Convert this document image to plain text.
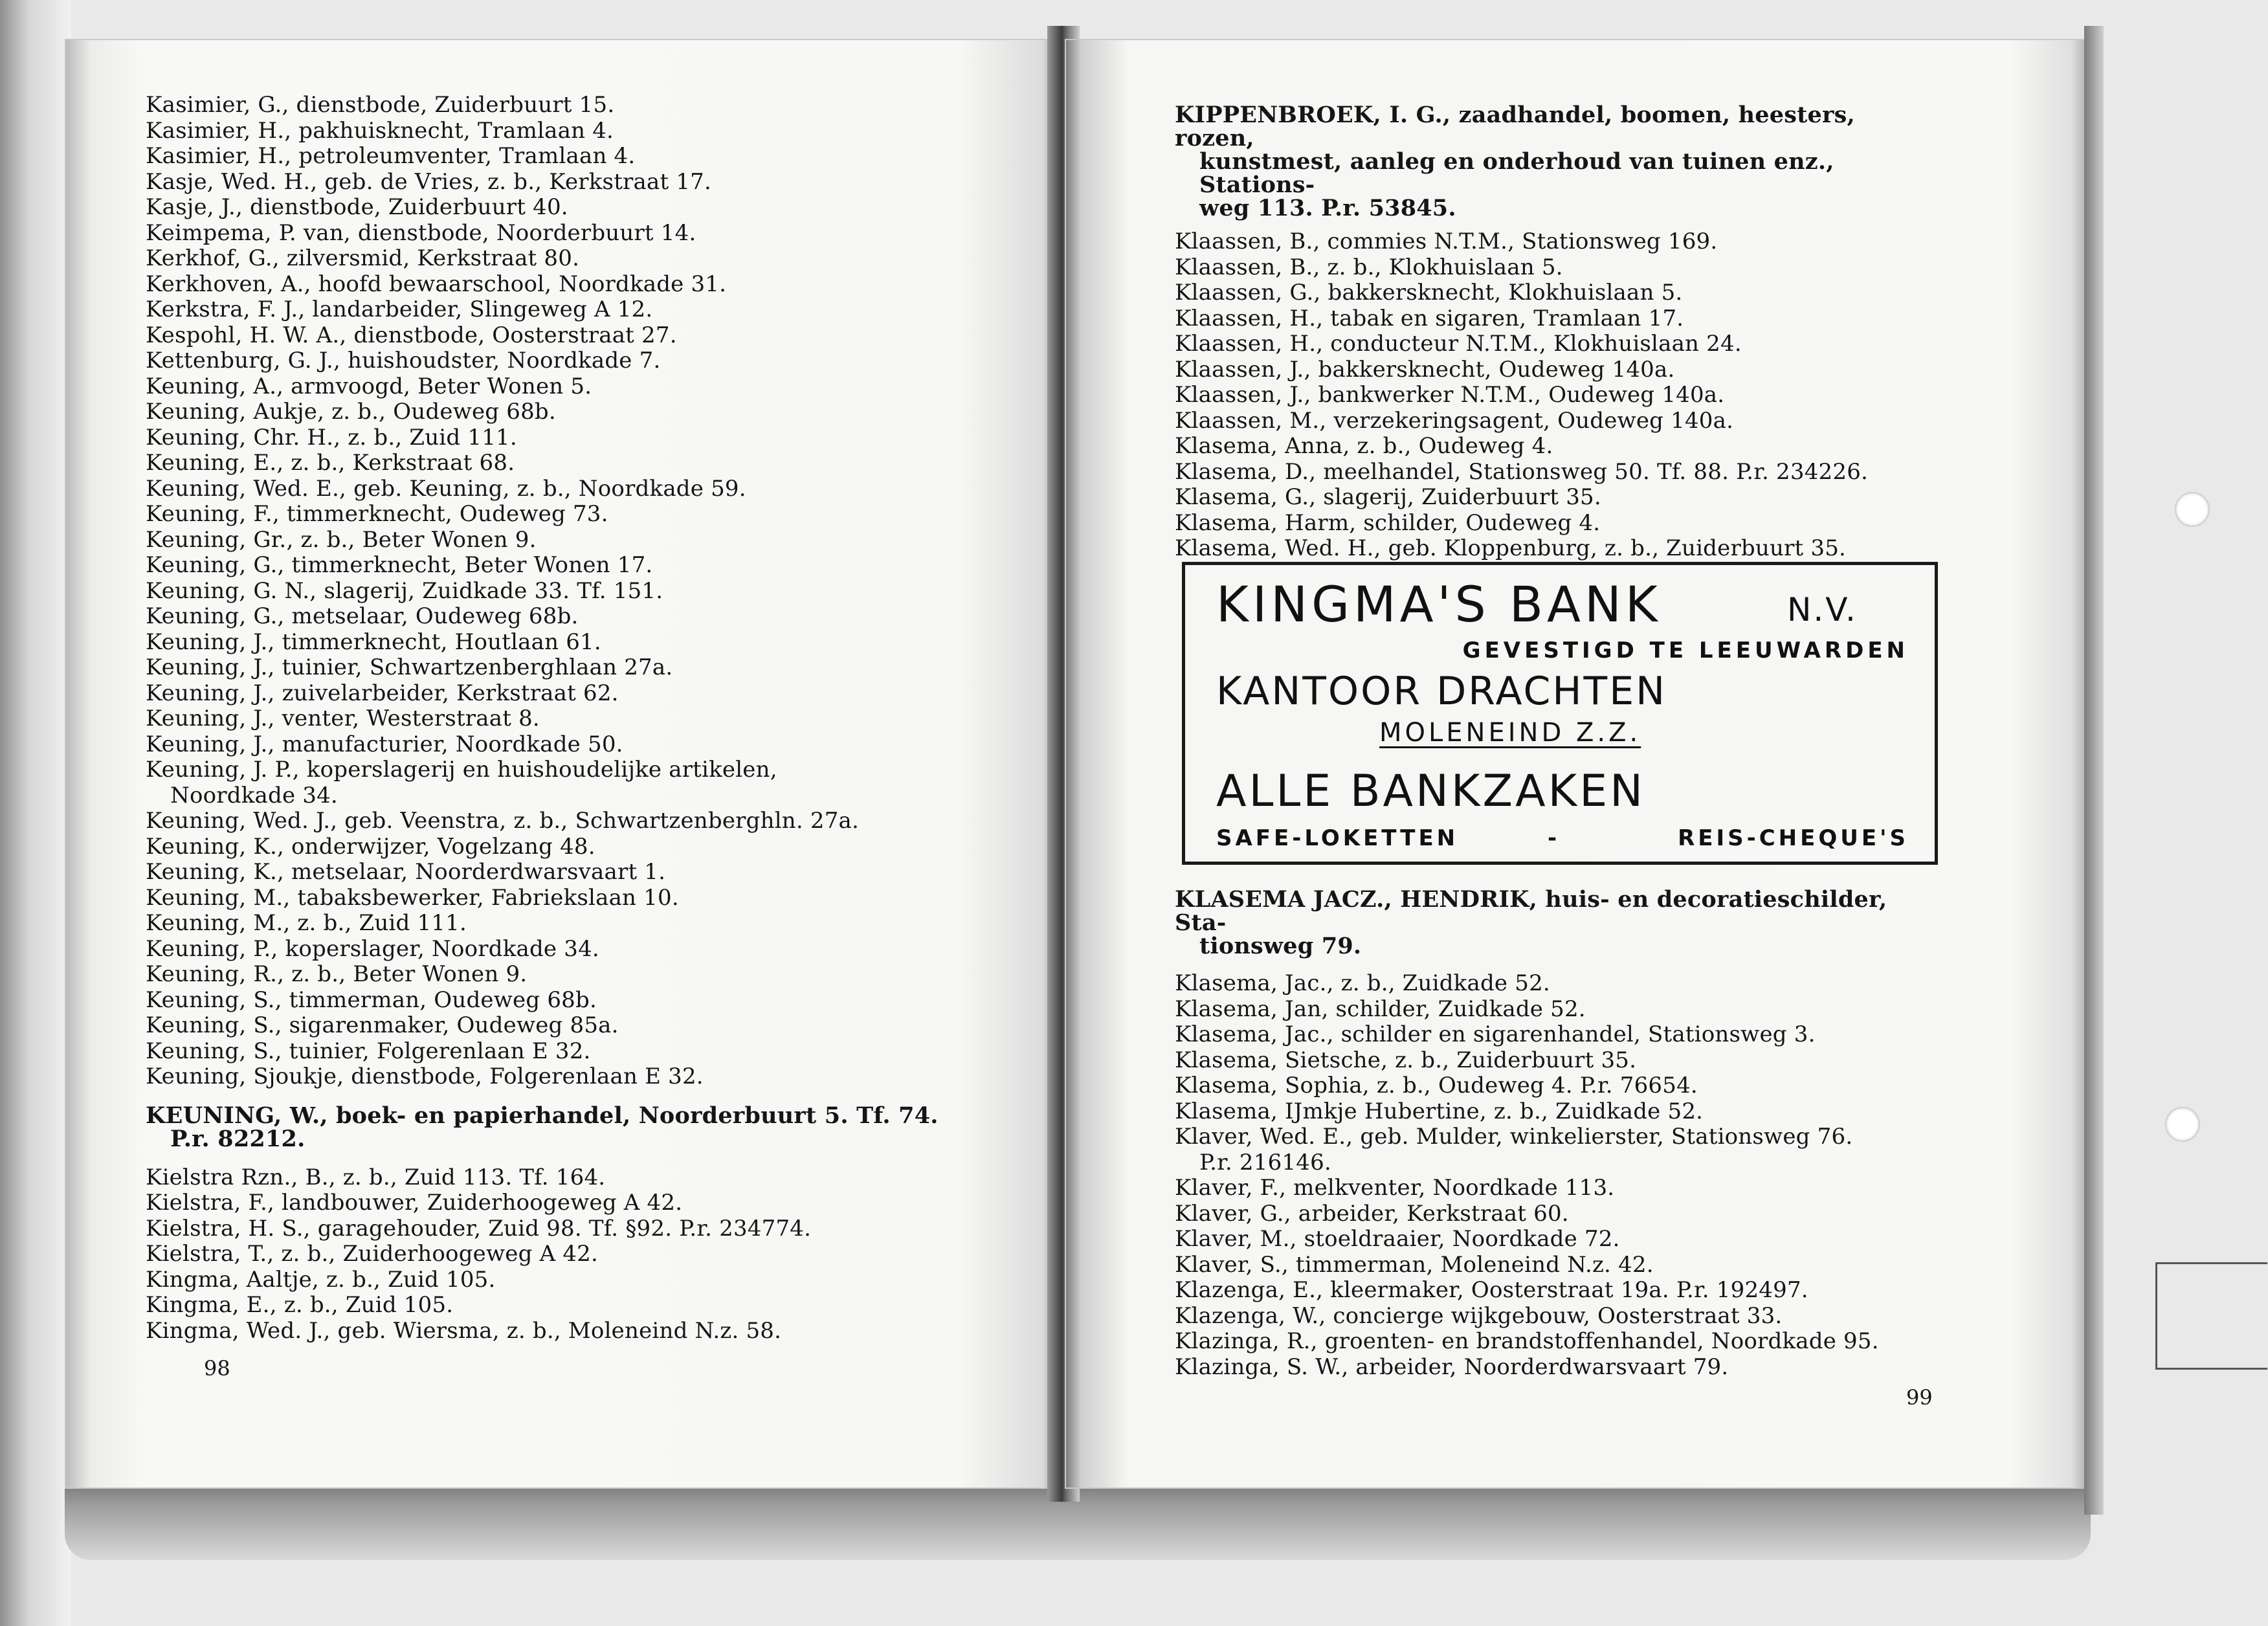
Kasimier, G., dienstbode, Zuiderbuurt 15.
Kasimier, H., pakhuisknecht, Tramlaan 4.
Kasimier, H., petroleumventer, Tramlaan 4.
Kasje, Wed. H., geb. de Vries, z. b., Kerkstraat 17.
Kasje, J., dienstbode, Zuiderbuurt 40.
Keimpema, P. van, dienstbode, Noorderbuurt 14.
Kerkhof, G., zilversmid, Kerkstraat 80.
Kerkhoven, A., hoofd bewaarschool, Noordkade 31.
Kerkstra, F. J., landarbeider, Slingeweg A 12.
Kespohl, H. W. A., dienstbode, Oosterstraat 27.
Kettenburg, G. J., huishoudster, Noordkade 7.
Keuning, A., armvoogd, Beter Wonen 5.
Keuning, Aukje, z. b., Oudeweg 68b.
Keuning, Chr. H., z. b., Zuid 111.
Keuning, E., z. b., Kerkstraat 68.
Keuning, Wed. E., geb. Keuning, z. b., Noordkade 59.
Keuning, F., timmerknecht, Oudeweg 73.
Keuning, Gr., z. b., Beter Wonen 9.
Keuning, G., timmerknecht, Beter Wonen 17.
Keuning, G. N., slagerij, Zuidkade 33. Tf. 151.
Keuning, G., metselaar, Oudeweg 68b.
Keuning, J., timmerknecht, Houtlaan 61.
Keuning, J., tuinier, Schwartzenberghlaan 27a.
Keuning, J., zuivelarbeider, Kerkstraat 62.
Keuning, J., venter, Westerstraat 8.
Keuning, J., manufacturier, Noordkade 50.
Keuning, J. P., koperslagerij en huishoudelijke artikelen,
Noordkade 34.
Keuning, Wed. J., geb. Veenstra, z. b., Schwartzenberghln. 27a.
Keuning, K., onderwijzer, Vogelzang 48.
Keuning, K., metselaar, Noorderdwarsvaart 1.
Keuning, M., tabaksbewerker, Fabriekslaan 10.
Keuning, M., z. b., Zuid 111.
Keuning, P., koperslager, Noordkade 34.
Keuning, R., z. b., Beter Wonen 9.
Keuning, S., timmerman, Oudeweg 68b.
Keuning, S., sigarenmaker, Oudeweg 85a.
Keuning, S., tuinier, Folgerenlaan E 32.
Keuning, Sjoukje, dienstbode, Folgerenlaan E 32.
KEUNING, W., boek- en papierhandel, Noorderbuurt 5. Tf. 74.
P.r. 82212.
Kielstra Rzn., B., z. b., Zuid 113. Tf. 164.
Kielstra, F., landbouwer, Zuiderhoogeweg A 42.
Kielstra, H. S., garagehouder, Zuid 98. Tf. §92. P.r. 234774.
Kielstra, T., z. b., Zuiderhoogeweg A 42.
Kingma, Aaltje, z. b., Zuid 105.
Kingma, E., z. b., Zuid 105.
Kingma, Wed. J., geb. Wiersma, z. b., Moleneind N.z. 58.
98
KIPPENBROEK, I. G., zaadhandel, boomen, heesters, rozen,
kunstmest, aanleg en onderhoud van tuinen enz., Stations-
weg 113. P.r. 53845.
Klaassen, B., commies N.T.M., Stationsweg 169.
Klaassen, B., z. b., Klokhuislaan 5.
Klaassen, G., bakkersknecht, Klokhuislaan 5.
Klaassen, H., tabak en sigaren, Tramlaan 17.
Klaassen, H., conducteur N.T.M., Klokhuislaan 24.
Klaassen, J., bakkersknecht, Oudeweg 140a.
Klaassen, J., bankwerker N.T.M., Oudeweg 140a.
Klaassen, M., verzekeringsagent, Oudeweg 140a.
Klasema, Anna, z. b., Oudeweg 4.
Klasema, D., meelhandel, Stationsweg 50. Tf. 88. P.r. 234226.
Klasema, G., slagerij, Zuiderbuurt 35.
Klasema, Harm, schilder, Oudeweg 4.
Klasema, Wed. H., geb. Kloppenburg, z. b., Zuiderbuurt 35.
KINGMA'S BANK	N.V.
GEVESTIGD TE LEEUWARDEN
KANTOOR DRACHTEN
MOLENEIND Z.Z.
ALLE BANKZAKEN
SAFE-LOKETTEN	-	REIS-CHEQUE'S
KLASEMA JACZ., HENDRIK, huis- en decoratieschilder, Sta-
tionsweg 79.
Klasema, Jac., z. b., Zuidkade 52.
Klasema, Jan, schilder, Zuidkade 52.
Klasema, Jac., schilder en sigarenhandel, Stationsweg 3.
Klasema, Sietsche, z. b., Zuiderbuurt 35.
Klasema, Sophia, z. b., Oudeweg 4. P.r. 76654.
Klasema, IJmkje Hubertine, z. b., Zuidkade 52.
Klaver, Wed. E., geb. Mulder, winkelierster, Stationsweg 76.
P.r. 216146.
Klaver, F., melkventer, Noordkade 113.
Klaver, G., arbeider, Kerkstraat 60.
Klaver, M., stoeldraaier, Noordkade 72.
Klaver, S., timmerman, Moleneind N.z. 42.
Klazenga, E., kleermaker, Oosterstraat 19a. P.r. 192497.
Klazenga, W., concierge wijkgebouw, Oosterstraat 33.
Klazinga, R., groenten- en brandstoffenhandel, Noordkade 95.
Klazinga, S. W., arbeider, Noorderdwarsvaart 79.
99
